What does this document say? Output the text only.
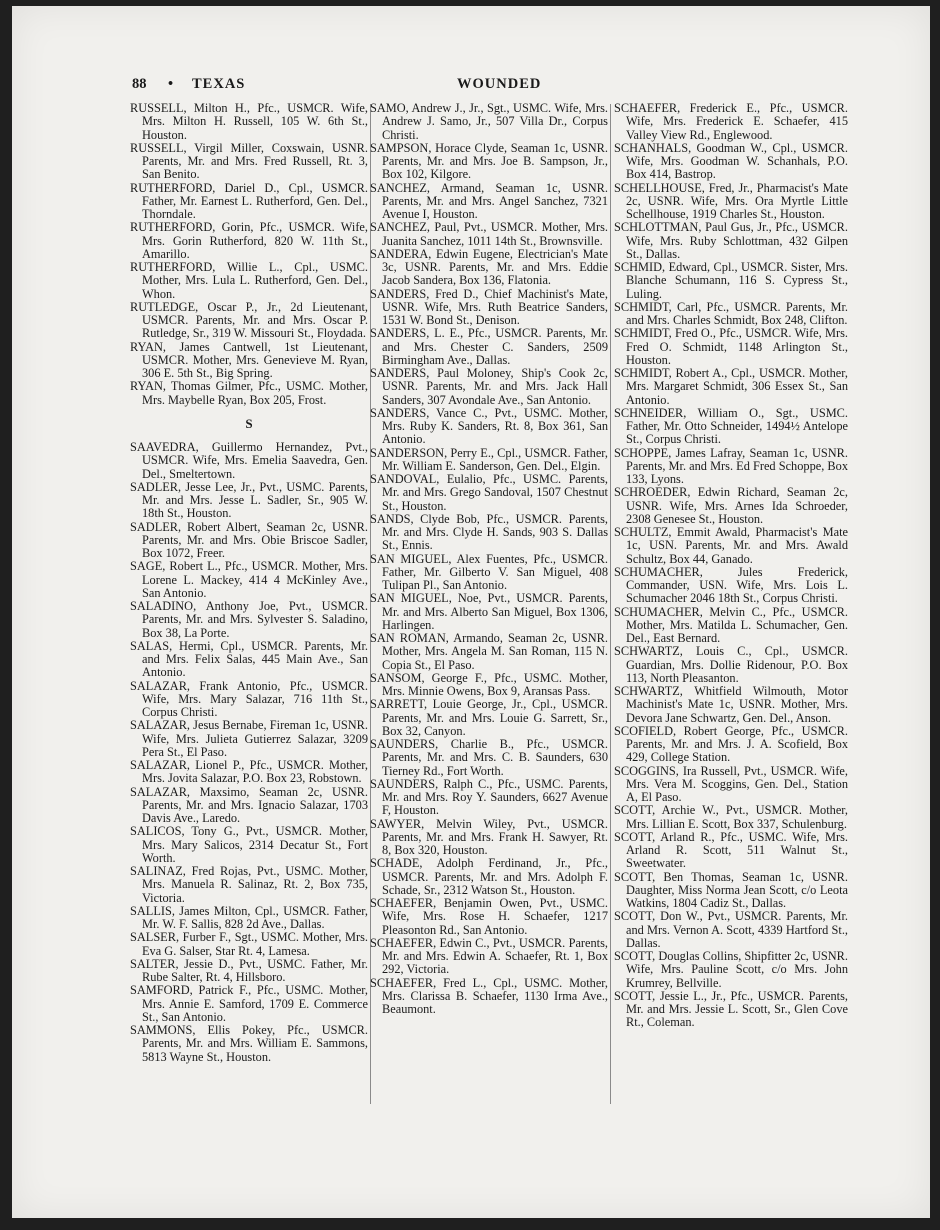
88 • TEXAS	WOUNDED

RUSSELL, Milton H., Pfc., USMCR. Wife, Mrs. Milton H. Russell, 105 W. 6th St., Houston.

RUSSELL, Virgil Miller, Coxswain, USNR. Parents, Mr. and Mrs. Fred Russell, Rt. 3, San Benito.

RUTHERFORD, Dariel D., Cpl., USMCR. Father, Mr. Earnest L. Rutherford, Gen. Del., Thorndale.

RUTHERFORD, Gorin, Pfc., USMCR. Wife, Mrs. Gorin Rutherford, 820 W. 11th St., Amarillo.

RUTHERFORD, Willie L., Cpl., USMC. Mother, Mrs. Lula L. Rutherford, Gen. Del., Whon.

RUTLEDGE, Oscar P., Jr., 2d Lieutenant, USMCR. Parents, Mr. and Mrs. Oscar P. Rutledge, Sr., 319 W. Missouri St., Floydada.

RYAN, James Cantwell, 1st Lieutenant, USMCR. Mother, Mrs. Genevieve M. Ryan, 306 E. 5th St., Big Spring.

RYAN, Thomas Gilmer, Pfc., USMC. Mother, Mrs. Maybelle Ryan, Box 205, Frost.

S

SAAVEDRA, Guillermo Hernandez, Pvt., USMCR. Wife, Mrs. Emelia Saavedra, Gen. Del., Smeltertown.

SADLER, Jesse Lee, Jr., Pvt., USMC. Parents, Mr. and Mrs. Jesse L. Sadler, Sr., 905 W. 18th St., Houston.

SADLER, Robert Albert, Seaman 2c, USNR. Parents, Mr. and Mrs. Obie Briscoe Sadler, Box 1072, Freer.

SAGE, Robert L., Pfc., USMCR. Mother, Mrs. Lorene L. Mackey, 414 4 McKinley Ave., San Antonio.

SALADINO, Anthony Joe, Pvt., USMCR. Parents, Mr. and Mrs. Sylvester S. Saladino, Box 38, La Porte.

SALAS, Hermi, Cpl., USMCR. Parents, Mr. and Mrs. Felix Salas, 445 Main Ave., San Antonio.

SALAZAR, Frank Antonio, Pfc., USMCR. Wife, Mrs. Mary Salazar, 716 11th St., Corpus Christi.

SALAZAR, Jesus Bernabe, Fireman 1c, USNR. Wife, Mrs. Julieta Gutierrez Salazar, 3209 Pera St., El Paso.

SALAZAR, Lionel P., Pfc., USMCR. Mother, Mrs. Jovita Salazar, P.O. Box 23, Robstown.

SALAZAR, Maxsimo, Seaman 2c, USNR. Parents, Mr. and Mrs. Ignacio Salazar, 1703 Davis Ave., Laredo.

SALICOS, Tony G., Pvt., USMCR. Mother, Mrs. Mary Salicos, 2314 Decatur St., Fort Worth.

SALINAZ, Fred Rojas, Pvt., USMC. Mother, Mrs. Manuela R. Salinaz, Rt. 2, Box 735, Victoria.

SALLIS, James Milton, Cpl., USMCR. Father, Mr. W. F. Sallis, 828 2d Ave., Dallas.

SALSER, Furber F., Sgt., USMC. Mother, Mrs. Eva G. Salser, Star Rt. 4, Lamesa.

SALTER, Jessie D., Pvt., USMC. Father, Mr. Rube Salter, Rt. 4, Hillsboro.

SAMFORD, Patrick F., Pfc., USMC. Mother, Mrs. Annie E. Samford, 1709 E. Commerce St., San Antonio.

SAMMONS, Ellis Pokey, Pfc., USMCR. Parents, Mr. and Mrs. William E. Sammons, 5813 Wayne St., Houston.

SAMO, Andrew J., Jr., Sgt., USMC. Wife, Mrs. Andrew J. Samo, Jr., 507 Villa Dr., Corpus Christi.

SAMPSON, Horace Clyde, Seaman 1c, USNR. Parents, Mr. and Mrs. Joe B. Sampson, Jr., Box 102, Kilgore.

SANCHEZ, Armand, Seaman 1c, USNR. Parents, Mr. and Mrs. Angel Sanchez, 7321 Avenue I, Houston.

SANCHEZ, Paul, Pvt., USMCR. Mother, Mrs. Juanita Sanchez, 1011 14th St., Brownsville.

SANDERA, Edwin Eugene, Electrician's Mate 3c, USNR. Parents, Mr. and Mrs. Eddie Jacob Sandera, Box 136, Flatonia.

SANDERS, Fred D., Chief Machinist's Mate, USNR. Wife, Mrs. Ruth Beatrice Sanders, 1531 W. Bond St., Denison.

SANDERS, L. E., Pfc., USMCR. Parents, Mr. and Mrs. Chester C. Sanders, 2509 Birmingham Ave., Dallas.

SANDERS, Paul Moloney, Ship's Cook 2c, USNR. Parents, Mr. and Mrs. Jack Hall Sanders, 307 Avondale Ave., San Antonio.

SANDERS, Vance C., Pvt., USMC. Mother, Mrs. Ruby K. Sanders, Rt. 8, Box 361, San Antonio.

SANDERSON, Perry E., Cpl., USMCR. Father, Mr. William E. Sanderson, Gen. Del., Elgin.

SANDOVAL, Eulalio, Pfc., USMC. Parents, Mr. and Mrs. Grego Sandoval, 1507 Chestnut St., Houston.

SANDS, Clyde Bob, Pfc., USMCR. Parents, Mr. and Mrs. Clyde H. Sands, 903 S. Dallas St., Ennis.

SAN MIGUEL, Alex Fuentes, Pfc., USMCR. Father, Mr. Gilberto V. San Miguel, 408 Tulipan Pl., San Antonio.

SAN MIGUEL, Noe, Pvt., USMCR. Parents, Mr. and Mrs. Alberto San Miguel, Box 1306, Harlingen.

SAN ROMAN, Armando, Seaman 2c, USNR. Mother, Mrs. Angela M. San Roman, 115 N. Copia St., El Paso.

SANSOM, George F., Pfc., USMC. Mother, Mrs. Minnie Owens, Box 9, Aransas Pass.

SARRETT, Louie George, Jr., Cpl., USMCR. Parents, Mr. and Mrs. Louie G. Sarrett, Sr., Box 32, Canyon.

SAUNDERS, Charlie B., Pfc., USMCR. Parents, Mr. and Mrs. C. B. Saunders, 630 Tierney Rd., Fort Worth.

SAUNDERS, Ralph C., Pfc., USMC. Parents, Mr. and Mrs. Roy Y. Saunders, 6627 Avenue F, Houston.

SAWYER, Melvin Wiley, Pvt., USMCR. Parents, Mr. and Mrs. Frank H. Sawyer, Rt. 8, Box 320, Houston.

SCHADE, Adolph Ferdinand, Jr., Pfc., USMCR. Parents, Mr. and Mrs. Adolph F. Schade, Sr., 2312 Watson St., Houston.

SCHAEFER, Benjamin Owen, Pvt., USMC. Wife, Mrs. Rose H. Schaefer, 1217 Pleasonton Rd., San Antonio.

SCHAEFER, Edwin C., Pvt., USMCR. Parents, Mr. and Mrs. Edwin A. Schaefer, Rt. 1, Box 292, Victoria.

SCHAEFER, Fred L., Cpl., USMC. Mother, Mrs. Clarissa B. Schaefer, 1130 Irma Ave., Beaumont.

SCHAEFER, Frederick E., Pfc., USMCR. Wife, Mrs. Frederick E. Schaefer, 415 Valley View Rd., Englewood.

SCHANHALS, Goodman W., Cpl., USMCR. Wife, Mrs. Goodman W. Schanhals, P.O. Box 414, Bastrop.

SCHELLHOUSE, Fred, Jr., Pharmacist's Mate 2c, USNR. Wife, Mrs. Ora Myrtle Little Schellhouse, 1919 Charles St., Houston.

SCHLOTTMAN, Paul Gus, Jr., Pfc., USMCR. Wife, Mrs. Ruby Schlottman, 432 Gilpen St., Dallas.

SCHMID, Edward, Cpl., USMCR. Sister, Mrs. Blanche Schumann, 116 S. Cypress St., Luling.

SCHMIDT, Carl, Pfc., USMCR. Parents, Mr. and Mrs. Charles Schmidt, Box 248, Clifton.

SCHMIDT, Fred O., Pfc., USMCR. Wife, Mrs. Fred O. Schmidt, 1148 Arlington St., Houston.

SCHMIDT, Robert A., Cpl., USMCR. Mother, Mrs. Margaret Schmidt, 306 Essex St., San Antonio.

SCHNEIDER, William O., Sgt., USMC. Father, Mr. Otto Schneider, 1494½ Antelope St., Corpus Christi.

SCHOPPE, James Lafray, Seaman 1c, USNR. Parents, Mr. and Mrs. Ed Fred Schoppe, Box 133, Lyons.

SCHROEDER, Edwin Richard, Seaman 2c, USNR. Wife, Mrs. Arnes Ida Schroeder, 2308 Genesee St., Houston.

SCHULTZ, Emmit Awald, Pharmacist's Mate 1c, USN. Parents, Mr. and Mrs. Awald Schultz, Box 44, Ganado.

SCHUMACHER, Jules Frederick, Commander, USN. Wife, Mrs. Lois L. Schumacher 2046 18th St., Corpus Christi.

SCHUMACHER, Melvin C., Pfc., USMCR. Mother, Mrs. Matilda L. Schumacher, Gen. Del., East Bernard.

SCHWARTZ, Louis C., Cpl., USMCR. Guardian, Mrs. Dollie Ridenour, P.O. Box 113, North Pleasanton.

SCHWARTZ, Whitfield Wilmouth, Motor Machinist's Mate 1c, USNR. Mother, Mrs. Devora Jane Schwartz, Gen. Del., Anson.

SCOFIELD, Robert George, Pfc., USMCR. Parents, Mr. and Mrs. J. A. Scofield, Box 429, College Station.

SCOGGINS, Ira Russell, Pvt., USMCR. Wife, Mrs. Vera M. Scoggins, Gen. Del., Station A, El Paso.

SCOTT, Archie W., Pvt., USMCR. Mother, Mrs. Lillian E. Scott, Box 337, Schulenburg.

SCOTT, Arland R., Pfc., USMC. Wife, Mrs. Arland R. Scott, 511 Walnut St., Sweetwater.

SCOTT, Ben Thomas, Seaman 1c, USNR. Daughter, Miss Norma Jean Scott, c/o Leota Watkins, 1804 Cadiz St., Dallas.

SCOTT, Don W., Pvt., USMCR. Parents, Mr. and Mrs. Vernon A. Scott, 4339 Hartford St., Dallas.

SCOTT, Douglas Collins, Shipfitter 2c, USNR. Wife, Mrs. Pauline Scott, c/o Mrs. John Krumrey, Bellville.

SCOTT, Jessie L., Jr., Pfc., USMCR. Parents, Mr. and Mrs. Jessie L. Scott, Sr., Glen Cove Rt., Coleman.
